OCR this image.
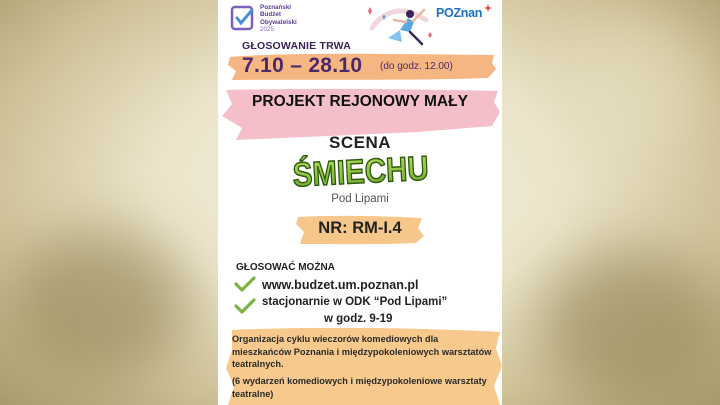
Poznański
Budżet
Obywatelski
2025
POZnan
GŁOSOWANIE TRWA
7.10 – 28.10 (do godz. 12.00)
PROJEKT REJONOWY MAŁY
SCENA
ŚMIECHU
Pod Lipami
NR: RM-I.4
GŁOSOWAĆ MOŻNA
www.budzet.um.poznan.pl
stacjonarnie w ODK “Pod Lipami”
w godz. 9-19
Organizacja cyklu wieczorów komediowych dla mieszkańców Poznania i międzypokoleniowych warsztatów teatralnych.
(6 wydarzeń komediowych i międzypokoleniowe warsztaty teatralne)
